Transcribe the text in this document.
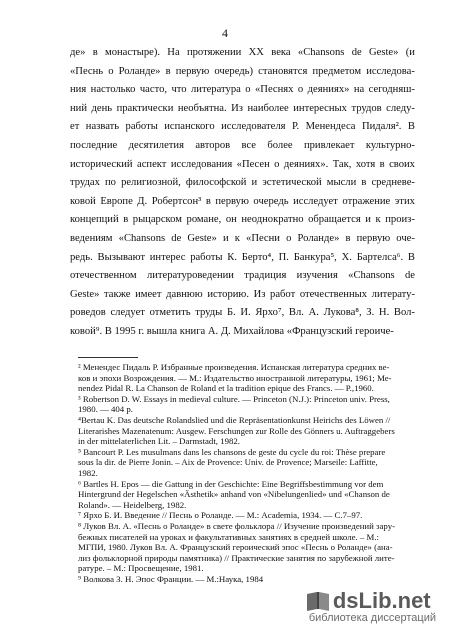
4
де» в монастыре). На протяжении XX века «Chansons de Geste» (и
«Песнь о Роланде» в первую очередь) становятся предметом исследова-
ния настолько часто, что литература о «Песнях о деяниях» на сегодняш-
ний день практически необъятна. Из наиболее интересных трудов следу-
ет назвать работы испанского исследователя Р. Менендеса Пидаля². В
последние десятилетия авторов все более привлекает культурно-
исторический аспект исследования «Песен о деяниях». Так, хотя в своих
трудах по религиозной, философской и эстетической мысли в средневе-
ковой Европе Д. Робертсон³ в первую очередь исследует отражение этих
концепций в рыцарском романе, он неоднократно обращается и к произ-
ведениям «Chansons de Geste» и к «Песни о Роланде» в первую оче-
редь. Вызывают интерес работы К. Берто⁴, П. Банкура⁵, Х. Бартелса⁶. В
отечественном литературоведении традиция изучения «Chansons de
Geste» также имеет давнюю историю. Из работ отечественных литерату-
роведов следует отметить труды Б. И. Ярхо⁷, Вл. А. Лукова⁸, З. Н. Вол-
ковой⁹. В 1995 г. вышла книга А. Д. Михайлова «Французский героиче-
² Менендес Пидаль Р. Избранные произведения. Испанская литература средних ве-
ков и эпохи Возрождения. — М.: Издательство иностранной литературы, 1961; Ме-
nendez Pidal R. La Chanson de Roland et la tradition epique des Francs. — P.,1960.
³ Robertson D. W. Essays in medieval culture. — Princeton (N.J.): Princeton univ. Press,
1980. — 404 p.
⁴Bertau K. Das deutsche Rolandslied und die Repräsentationkunst Heirichs des Löwen //
Literarishes Mazenatenum: Ausgew. Ferschungen zur Rolle des Gönners u. Auftraggebers
in der mittelaterlichen Lit. – Darmstadt, 1982.
⁵ Bancourt P. Les musulmans dans les chansons de geste du cycle du roi: Thèse prepare
sous la dir. de Pierre Jonin. – Aix de Provence: Univ. de Provence; Marseile: Laffitte,
1982.
⁶ Bartles H. Epos — die Gattung in der Geschichte: Eine Begriffsbestimmung vor dem
Hintergrund der Hegelschen «Ästhetik» anhand von «Nibelungenlied» und «Chanson de
Roland». — Heidelberg, 1982.
⁷ Ярхо Б. И. Введение // Песнь о Роланде. — М.: Academia, 1934. — С.7–97.
⁸ Луков Вл. А. «Песнь о Роланде» в свете фольклора // Изучение произведений зару-
бежных писателей на уроках и факультативных занятиях в средней школе. – М.:
МГПИ, 1980. Луков Вл. А. Французский героический эпос «Песнь о Роланде» (ана-
лиз фольклорной природы памятника) // Практические занятия по зарубежной лите-
ратуре. – М.: Просвещение, 1981.
⁹ Волкова З. Н. Эпос Франции. — М.:Наука, 1984
dsLib.net
библиотека диссертаций
